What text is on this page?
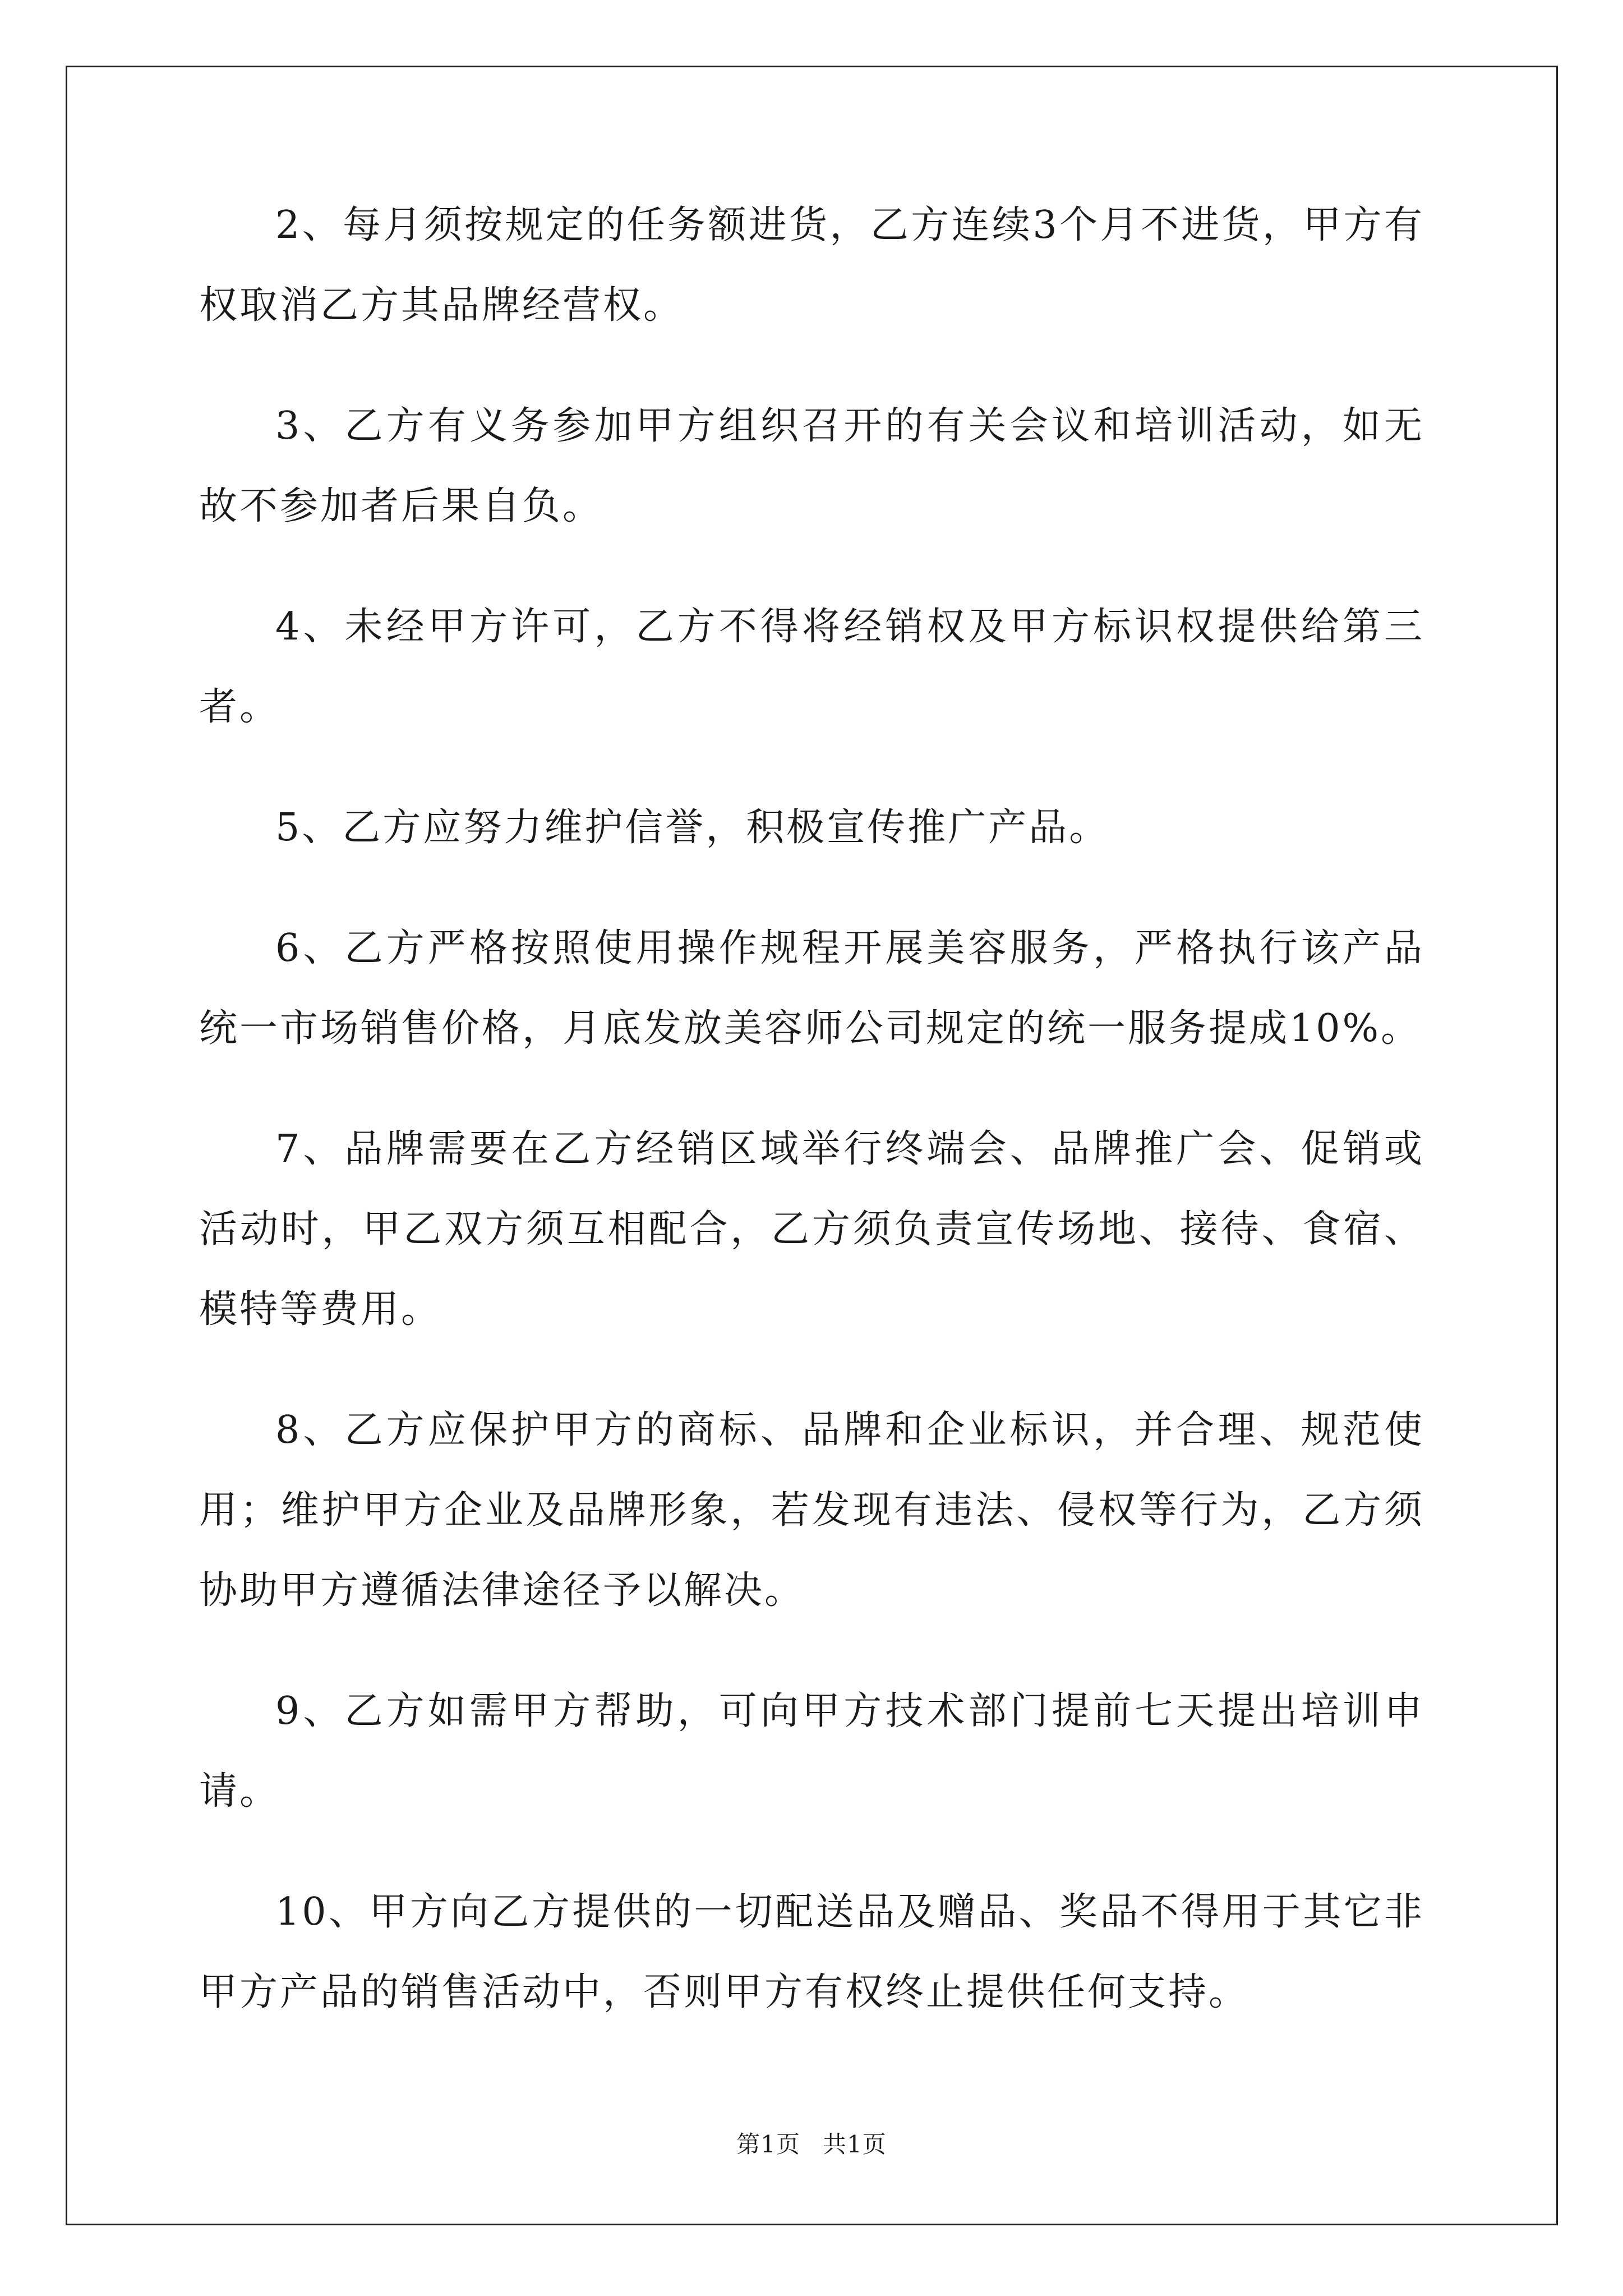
2、每月须按规定的任务额进货，乙方连续3个月不进货，甲方有权取消乙方其品牌经营权。

3、乙方有义务参加甲方组织召开的有关会议和培训活动，如无故不参加者后果自负。

4、未经甲方许可，乙方不得将经销权及甲方标识权提供给第三者。

5、乙方应努力维护信誉，积极宣传推广产品。

6、乙方严格按照使用操作规程开展美容服务，严格执行该产品统一市场销售价格，月底发放美容师公司规定的统一服务提成10%。

7、品牌需要在乙方经销区域举行终端会、品牌推广会、促销或活动时，甲乙双方须互相配合，乙方须负责宣传场地、接待、食宿、模特等费用。

8、乙方应保护甲方的商标、品牌和企业标识，并合理、规范使用；维护甲方企业及品牌形象，若发现有违法、侵权等行为，乙方须协助甲方遵循法律途径予以解决。

9、乙方如需甲方帮助，可向甲方技术部门提前七天提出培训申请。

10、甲方向乙方提供的一切配送品及赠品、奖品不得用于其它非甲方产品的销售活动中，否则甲方有权终止提供任何支持。

第1页 共1页
